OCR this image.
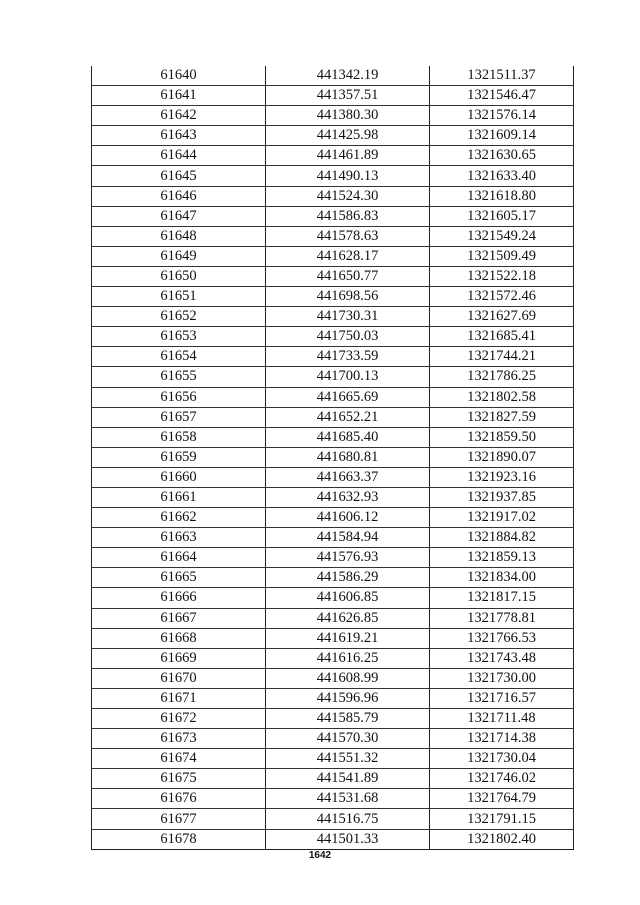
61640	441342.19	1321511.37
61641	441357.51	1321546.47
61642	441380.30	1321576.14
61643	441425.98	1321609.14
61644	441461.89	1321630.65
61645	441490.13	1321633.40
61646	441524.30	1321618.80
61647	441586.83	1321605.17
61648	441578.63	1321549.24
61649	441628.17	1321509.49
61650	441650.77	1321522.18
61651	441698.56	1321572.46
61652	441730.31	1321627.69
61653	441750.03	1321685.41
61654	441733.59	1321744.21
61655	441700.13	1321786.25
61656	441665.69	1321802.58
61657	441652.21	1321827.59
61658	441685.40	1321859.50
61659	441680.81	1321890.07
61660	441663.37	1321923.16
61661	441632.93	1321937.85
61662	441606.12	1321917.02
61663	441584.94	1321884.82
61664	441576.93	1321859.13
61665	441586.29	1321834.00
61666	441606.85	1321817.15
61667	441626.85	1321778.81
61668	441619.21	1321766.53
61669	441616.25	1321743.48
61670	441608.99	1321730.00
61671	441596.96	1321716.57
61672	441585.79	1321711.48
61673	441570.30	1321714.38
61674	441551.32	1321730.04
61675	441541.89	1321746.02
61676	441531.68	1321764.79
61677	441516.75	1321791.15
61678	441501.33	1321802.40
1642
